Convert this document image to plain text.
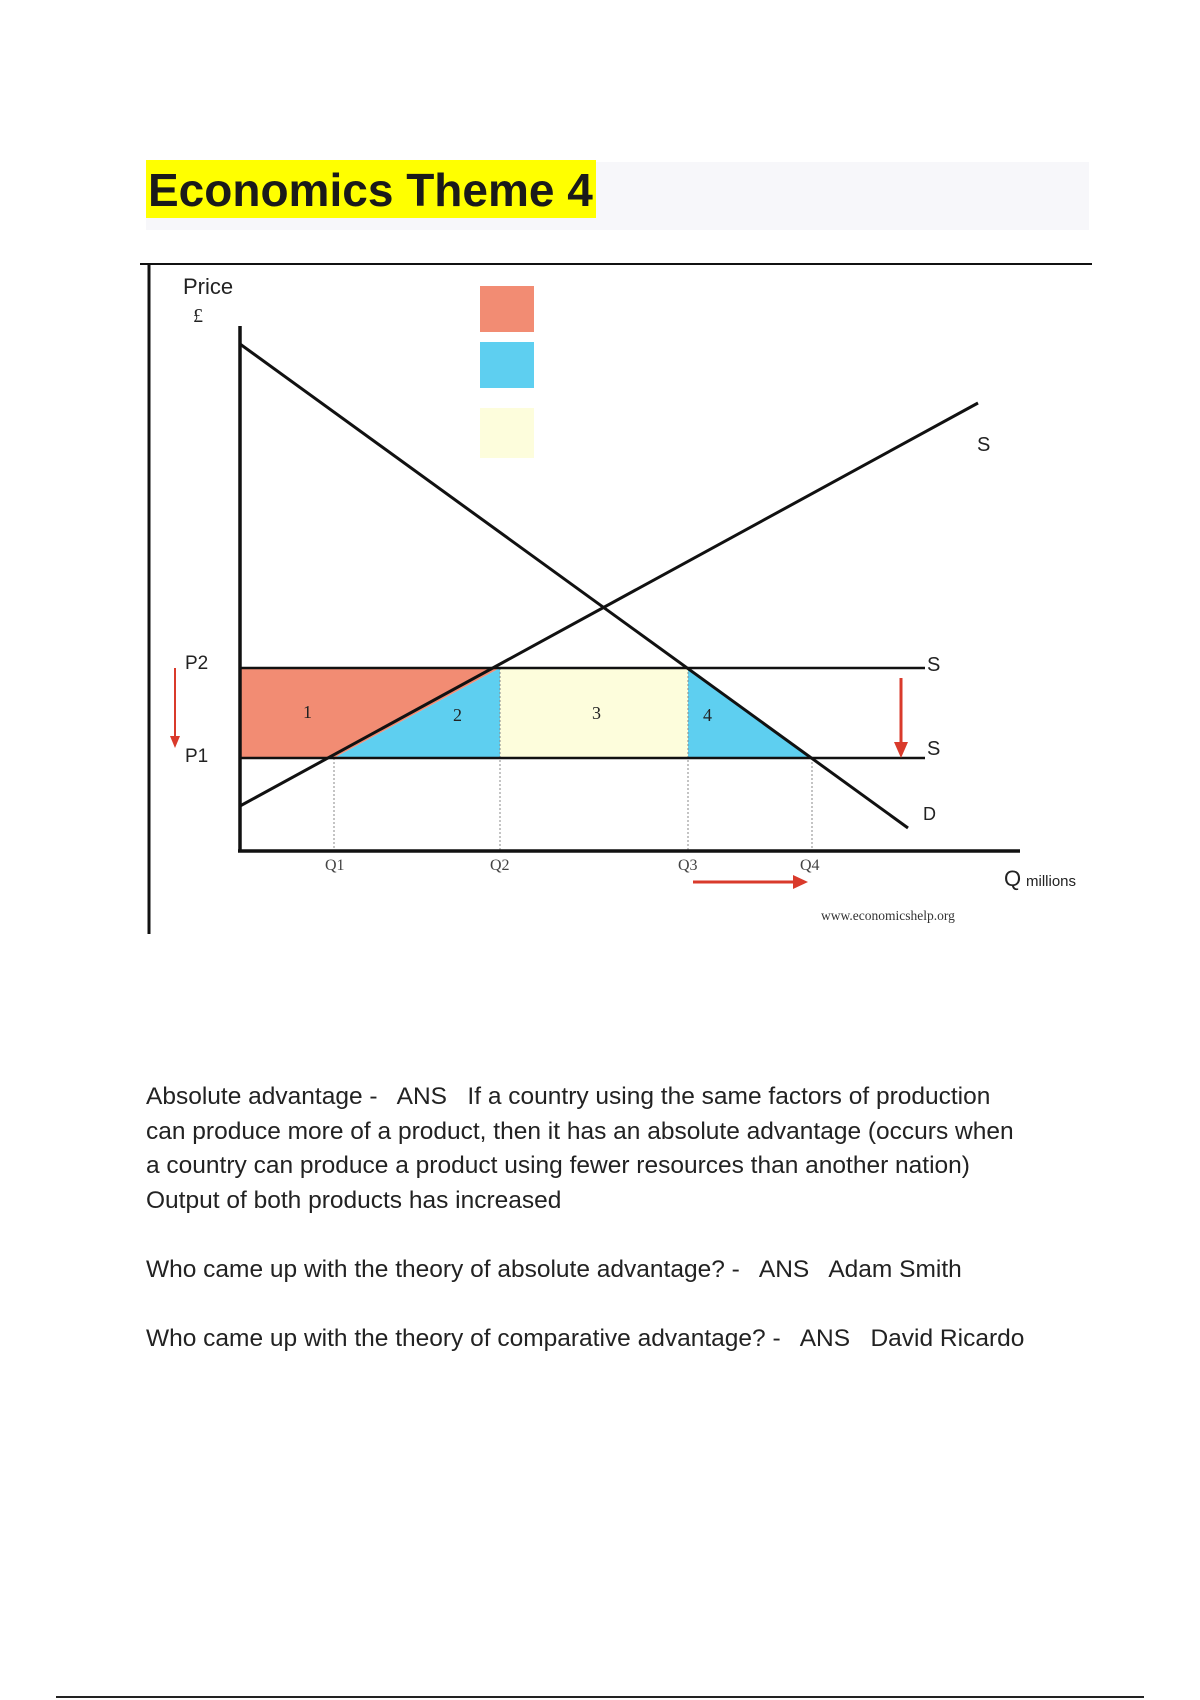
Economics Theme 4
Price
£
Q millions
P2
P1
Q1	Q2	Q3	Q4
1	2	3	4
S
S
S
D
www.economicshelp.org

Absolute advantage -   ANS   If a country using the same factors of production

can produce more of a product, then it has an absolute advantage (occurs when

a country can produce a product using fewer resources than another nation)

Output of both products has increased

Who came up with the theory of absolute advantage? -   ANS   Adam Smith

Who came up with the theory of comparative advantage? -   ANS   David Ricardo
